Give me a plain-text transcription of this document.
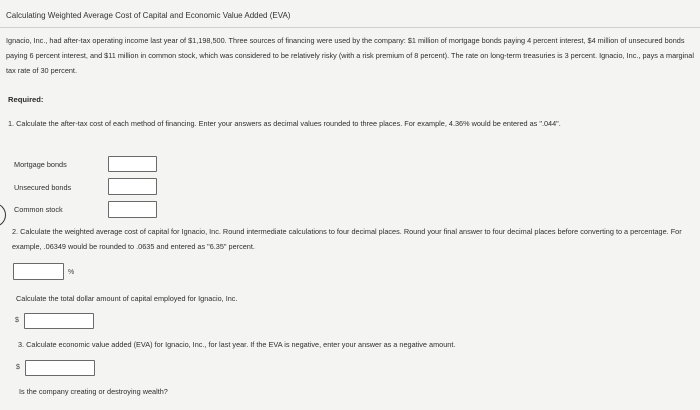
Calculating Weighted Average Cost of Capital and Economic Value Added (EVA)
Ignacio, Inc., had after-tax operating income last year of $1,198,500. Three sources of financing were used by the company: $1 million of mortgage bonds paying 4 percent interest, $4 million of unsecured bonds paying 6 percent interest, and $11 million in common stock, which was considered to be relatively risky (with a risk premium of 8 percent). The rate on long-term treasuries is 3 percent. Ignacio, Inc., pays a marginal tax rate of 30 percent.
Required:
1. Calculate the after-tax cost of each method of financing. Enter your answers as decimal values rounded to three places. For example, 4.36% would be entered as ".044".
Mortgage bonds
Unsecured bonds
Common stock
2. Calculate the weighted average cost of capital for Ignacio, Inc. Round intermediate calculations to four decimal places. Round your final answer to four decimal places before converting to a percentage. For example, .06349 would be rounded to .0635 and entered as "6.35" percent.
%
Calculate the total dollar amount of capital employed for Ignacio, Inc.
$
3. Calculate economic value added (EVA) for Ignacio, Inc., for last year. If the EVA is negative, enter your answer as a negative amount.
$
Is the company creating or destroying wealth?
